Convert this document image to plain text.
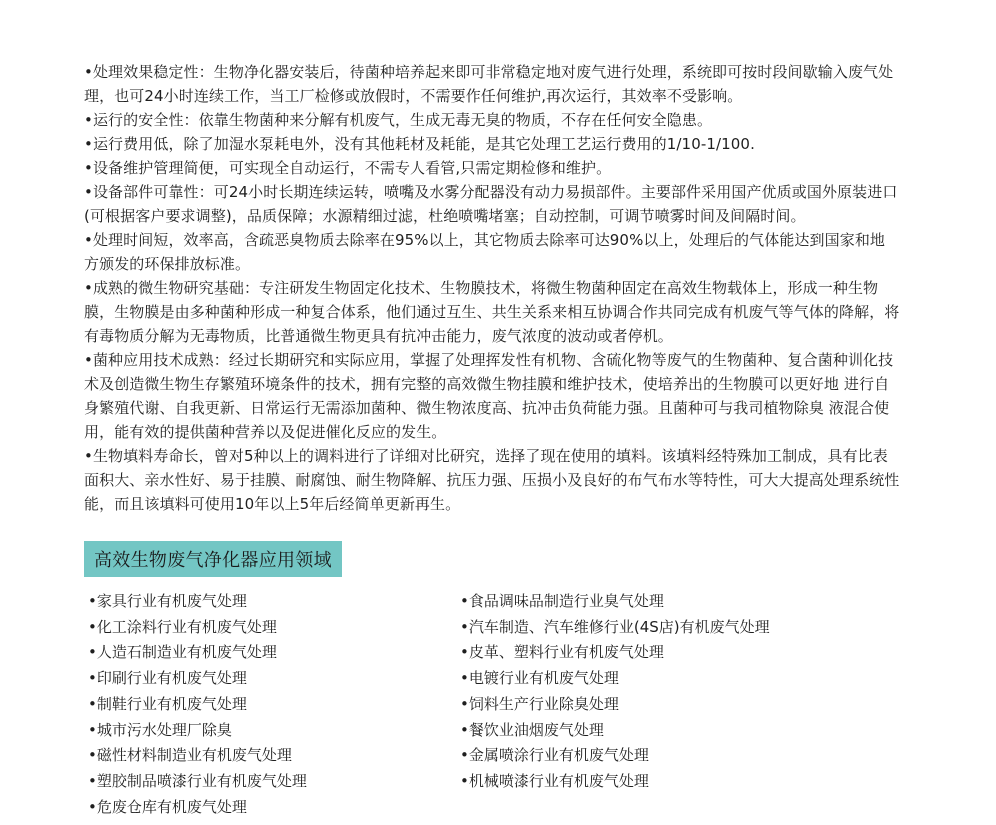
•处理效果稳定性：生物净化器安装后，待菌种培养起来即可非常稳定地对废气进行处理，系统即可按时段间歇输入废气处理，也可24小时连续工作，当工厂检修或放假时，不需要作任何维护,再次运行，其效率不受影响。

•运行的安全性：依靠生物菌种来分解有机废气，生成无毒无臭的物质，不存在任何安全隐患。

•运行费用低，除了加湿水泵耗电外，没有其他耗材及耗能，是其它处理工艺运行费用的1/10-1/100.

•设备维护管理简便，可实现全自动运行，不需专人看管,只需定期检修和维护。

•设备部件可靠性：可24小时长期连续运转，喷嘴及水雾分配器没有动力易损部件。主要部件采用国产优质或国外原装进口(可根据客户要求调整)，品质保障；水源精细过滤，杜绝喷嘴堵塞；自动控制，可调节喷雾时间及间隔时间。

•处理时间短，效率高，含疏恶臭物质去除率在95%以上，其它物质去除率可达90%以上，处理后的气体能达到国家和地方颁发的环保排放标准。

•成熟的微生物研究基础：专注研发生物固定化技术、生物膜技术，将微生物菌种固定在高效生物载体上，形成一种生物膜，生物膜是由多种菌种形成一种复合体系，他们通过互生、共生关系来相互协调合作共同完成有机废气等气体的降解，将有毒物质分解为无毒物质，比普通微生物更具有抗冲击能力，废气浓度的波动或者停机。

•菌种应用技术成熟：经过长期研究和实际应用，掌握了处理挥发性有机物、含硫化物等废气的生物菌种、复合菌种训化技术及创造微生物生存繁殖环境条件的技术，拥有完整的高效微生物挂膜和维护技术，使培养出的生物膜可以更好地 进行自身繁殖代谢、自我更新、日常运行无需添加菌种、微生物浓度高、抗冲击负荷能力强。且菌种可与我司植物除臭 液混合使用，能有效的提供菌种营养以及促进催化反应的发生。

•生物填料寿命长，曾对5种以上的调料进行了详细对比研究，选择了现在使用的填料。该填料经特殊加工制成，具有比表面积大、亲水性好、易于挂膜、耐腐蚀、耐生物降解、抗压力强、压损小及良好的布气布水等特性，可大大提高处理系统性能，而且该填料可使用10年以上5年后经简单更新再生。

高效生物废气净化器应用领域
•家具行业有机废气处理
•化工涂料行业有机废气处理
•人造石制造业有机废气处理
•印刷行业有机废气处理
•制鞋行业有机废气处理
•城市污水处理厂除臭
•磁性材料制造业有机废气处理
•塑胶制品喷漆行业有机废气处理
•危废仓库有机废气处理
•食品调味品制造行业臭气处理
•汽车制造、汽车维修行业(4S店)有机废气处理
•皮革、塑料行业有机废气处理
•电镀行业有机废气处理
•饲料生产行业除臭处理
•餐饮业油烟废气处理
•金属喷涂行业有机废气处理
•机械喷漆行业有机废气处理
